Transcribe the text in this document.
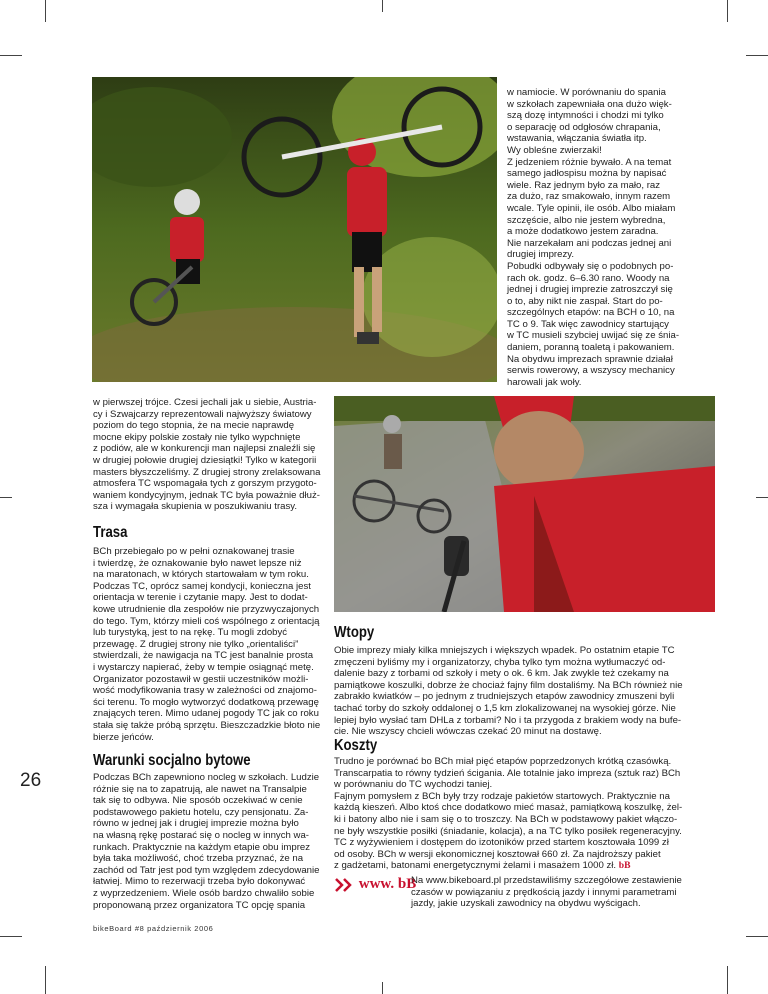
w namiocie. W porównaniu do spania
w szkołach zapewniała ona dużo więk-
szą dozę intymności i chodzi mi tylko
o separację od odgłosów chrapania,
wstawania, włączania światła itp.
Wy obleśne zwierzaki!
Z jedzeniem różnie bywało. A na temat
samego jadłospisu można by napisać
wiele. Raz jednym było za mało, raz
za dużo, raz smakowało, innym razem
wcale. Tyle opinii, ile osób. Albo miałam
szczęście, albo nie jestem wybredna,
a może dodatkowo jestem zaradna.
Nie narzekałam ani podczas jednej ani
drugiej imprezy.
Pobudki odbywały się o podobnych po-
rach ok. godz. 6–6.30 rano. Woody na
jednej i drugiej imprezie zatroszczył się
o to, aby nikt nie zaspał. Start do po-
szczególnych etapów: na BCH o 10, na
TC o 9. Tak więc zawodnicy startujący
w TC musieli szybciej uwijać się ze śnia-
daniem, poranną toaletą i pakowaniem.
Na obydwu imprezach sprawnie działał
serwis rowerowy, a wszyscy mechanicy
harowali jak woły.

w pierwszej trójce. Czesi jechali jak u siebie, Austria-
cy i Szwajcarzy reprezentowali najwyższy światowy
poziom do tego stopnia, że na mecie naprawdę
mocne ekipy polskie zostały nie tylko wypchnięte
z podiów, ale w konkurencji man najlepsi znaleźli się
w drugiej połowie drugiej dziesiątki! Tylko w kategorii
masters błyszczeliśmy. Z drugiej strony zrelaksowana
atmosfera TC wspomagała tych z gorszym przygoto-
waniem kondycyjnym, jednak TC była poważnie dłuż-
sza i wymagała skupienia w poszukiwaniu trasy.

Trasa

BCh przebiegało po w pełni oznakowanej trasie
i twierdzę, że oznakowanie było nawet lepsze niż
na maratonach, w których startowałam w tym roku.
Podczas TC, oprócz samej kondycji, konieczna jest
orientacja w terenie i czytanie mapy. Jest to dodat-
kowe utrudnienie dla zespołów nie przyzwyczajonych
do tego. Tym, którzy mieli coś wspólnego z orientacją
lub turystyką, jest to na rękę. Tu mogli zdobyć
przewagę. Z drugiej strony nie tylko „orientaliści”
stwierdzali, że nawigacja na TC jest banalnie prosta
i wystarczy napierać, żeby w tempie osiągnąć metę.
Organizator pozostawił w gestii uczestników możli-
wość modyfikowania trasy w zależności od znajomo-
ści terenu. To mogło wytworzyć dodatkową przewagę
znających teren. Mimo udanej pogody TC jak co roku
stała się także próbą sprzętu. Bieszczadzkie błoto nie
bierze jeńców.

Wtopy

Obie imprezy miały kilka mniejszych i większych wpadek. Po ostatnim etapie TC
zmęczeni byliśmy my i organizatorzy, chyba tylko tym można wytłumaczyć od-
dalenie bazy z torbami od szkoły i mety o ok. 6 km. Jak zwykle też czekamy na
pamiątkowe koszulki, dobrze że chociaż fajny film dostaliśmy. Na BCh również nie
zabrakło kwiatków – po jednym z trudniejszych etapów zawodnicy zmuszeni byli
tachać torby do szkoły oddalonej o 1,5 km zlokalizowanej na wysokiej górze. Nie
lepiej było wysłać tam DHLa z torbami? No i ta przygoda z brakiem wody na bufe-
cie. Nie wszyscy chcieli wówczas czekać 20 minut na dostawę.

Koszty

Trudno je porównać bo BCh miał pięć etapów poprzedzonych krótką czasówką.
Transcarpatia to równy tydzień ścigania. Ale totalnie jako impreza (sztuk raz) BCh
w porównaniu do TC wychodzi taniej.
Fajnym pomysłem z BCh były trzy rodzaje pakietów startowych. Praktycznie na
każdą kieszeń. Albo ktoś chce dodatkowo mieć masaż, pamiątkową koszulkę, żel-
ki i batony albo nie i sam się o to troszczy. Na BCh w podstawowy pakiet włączo-
ne były wszystkie posiłki (śniadanie, kolacja), a na TC tylko posiłek regeneracyjny.
TC z wyżywieniem i dostępem do izotoników przed startem kosztowała 1099 zł
od osoby. BCh w wersji ekonomicznej kosztował 660 zł. Za najdroższy pakiet
z gadżetami, batonami energetycznymi żelami i masażem 1000 zł. bB

Warunki socjalno bytowe

Podczas BCh zapewniono nocleg w szkołach. Ludzie
różnie się na to zapatrują, ale nawet na Transalpie
tak się to odbywa. Nie sposób oczekiwać w cenie
podstawowego pakietu hotelu, czy pensjonatu. Za-
równo w jednej jak i drugiej imprezie można było
na własną rękę postarać się o nocleg w innych wa-
runkach. Praktycznie na każdym etapie obu imprez
była taka możliwość, choć trzeba przyznać, że na
zachód od Tatr jest pod tym względem zdecydowanie
łatwiej. Mimo to rezerwacji trzeba było dokonywać
z wyprzedzeniem. Wiele osób bardzo chwaliło sobie
proponowaną przez organizatora TC opcję spania

www. bB

Na www.bikeboard.pl przedstawiliśmy szczegółowe zestawienie
czasów w powiązaniu z prędkością jazdy i innymi parametrami
jazdy, jakie uzyskali zawodnicy na obydwu wyścigach.

26
bikeBoard #8 październik 2006
